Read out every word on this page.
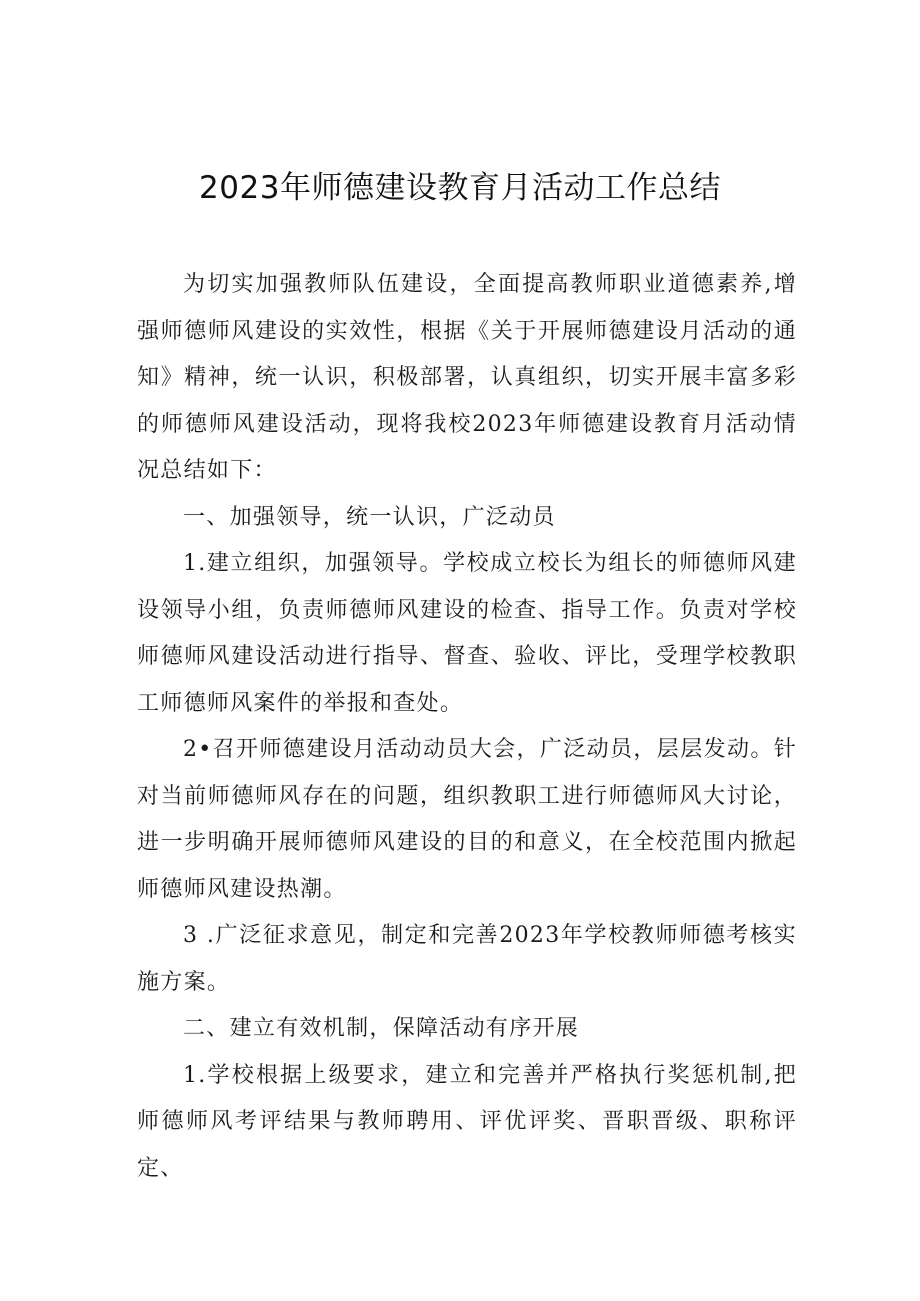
2023年师德建设教育月活动工作总结

为切实加强教师队伍建设，全面提高教师职业道德素养,增强师德师风建设的实效性，根据《关于开展师德建设月活动的通知》精神，统一认识，积极部署，认真组织，切实开展丰富多彩的师德师风建设活动，现将我校2023年师德建设教育月活动情况总结如下：

一、加强领导，统一认识，广泛动员

1.建立组织，加强领导。学校成立校长为组长的师德师风建设领导小组，负责师德师风建设的检查、指导工作。负责对学校师德师风建设活动进行指导、督查、验收、评比，受理学校教职工师德师风案件的举报和查处。

2•召开师德建设月活动动员大会，广泛动员，层层发动。针对当前师德师风存在的问题，组织教职工进行师德师风大讨论，进一步明确开展师德师风建设的目的和意义，在全校范围内掀起师德师风建设热潮。

3 .广泛征求意见，制定和完善2023年学校教师师德考核实施方案。

二、建立有效机制，保障活动有序开展

1.学校根据上级要求，建立和完善并严格执行奖惩机制,把师德师风考评结果与教师聘用、评优评奖、晋职晋级、职称评定、
